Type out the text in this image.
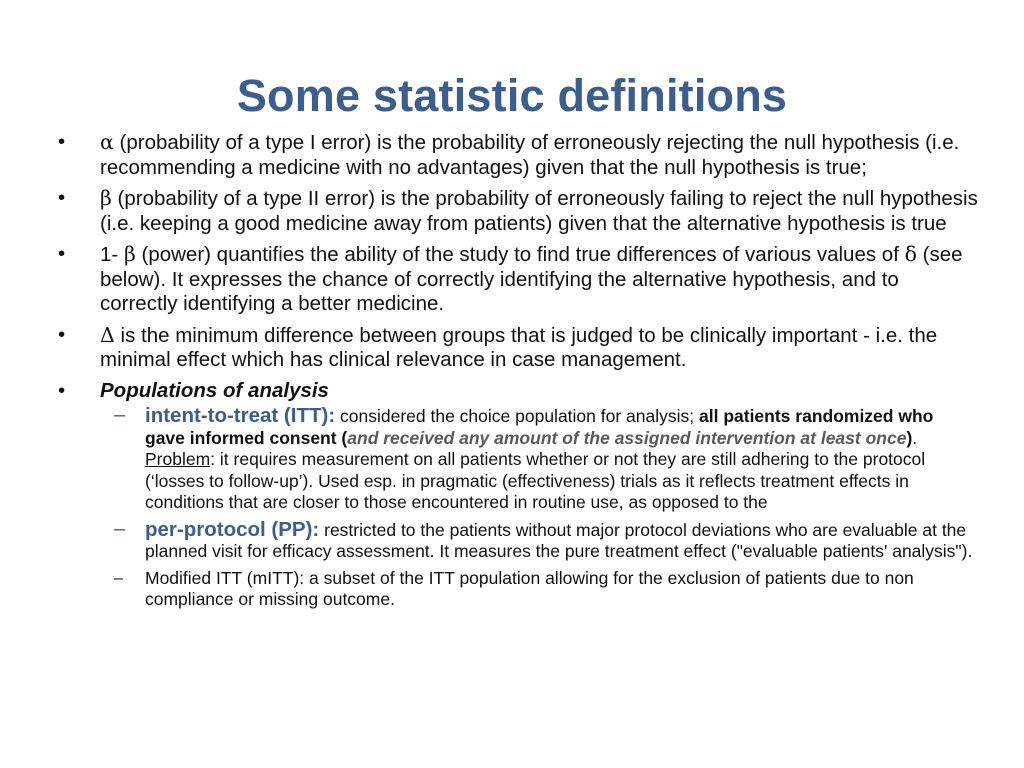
Some statistic definitions
•	α (probability of a type I error) is the probability of erroneously rejecting the null hypothesis (i.e. recommending a medicine with no advantages) given that the null hypothesis is true;
•	β (probability of a type II error) is the probability of erroneously failing to reject the null hypothesis (i.e. keeping a good medicine away from patients) given that the alternative hypothesis is true
•	1- β (power) quantifies the ability of the study to find true differences of various values of δ (see below). It expresses the chance of correctly identifying the alternative hypothesis, and to correctly identifying a better medicine.
•	Δ is the minimum difference between groups that is judged to be clinically important - i.e. the minimal effect which has clinical relevance in case management.
•	Populations of analysis
– intent-to-treat (ITT): considered the choice population for analysis; all patients randomized who gave informed consent (and received any amount of the assigned intervention at least once). Problem: it requires measurement on all patients whether or not they are still adhering to the protocol (‘losses to follow-up’). Used esp. in pragmatic (effectiveness) trials as it reflects treatment effects in conditions that are closer to those encountered in routine use, as opposed to the
– per-protocol (PP): restricted to the patients without major protocol deviations who are evaluable at the planned visit for efficacy assessment. It measures the pure treatment effect ("evaluable patients' analysis").
–	Modified ITT (mITT): a subset of the ITT population allowing for the exclusion of patients due to non compliance or missing outcome.
